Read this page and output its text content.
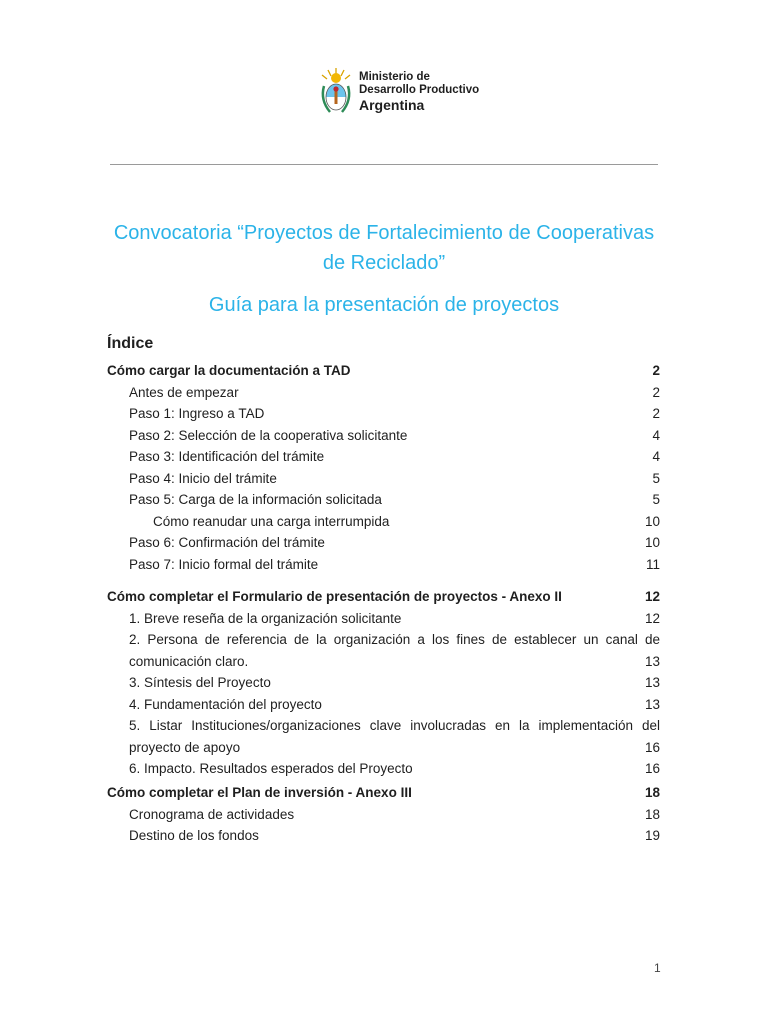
Ministerio de
Desarrollo Productivo
Argentina
Convocatoria “Proyectos de Fortalecimiento de Cooperativas de Reciclado”
Guía para la presentación de proyectos
Índice
Cómo cargar la documentación a TAD	2
Antes de empezar	2
Paso 1: Ingreso a TAD	2
Paso 2: Selección de la cooperativa solicitante	4
Paso 3: Identificación del trámite	4
Paso 4: Inicio del trámite	5
Paso 5: Carga de la información solicitada	5
Cómo reanudar una carga interrumpida	10
Paso 6: Confirmación del trámite	10
Paso 7: Inicio formal del trámite	11
Cómo completar el Formulario de presentación de proyectos - Anexo II	12
1. Breve reseña de la organización solicitante	12
2. Persona de referencia de la organización a los fines de establecer un canal de
comunicación claro.	13
3. Síntesis del Proyecto	13
4. Fundamentación del proyecto	13
5. Listar Instituciones/organizaciones clave involucradas en la implementación del
proyecto de apoyo	16
6. Impacto. Resultados esperados del Proyecto	16
Cómo completar el Plan de inversión - Anexo III	18
Cronograma de actividades	18
Destino de los fondos	19
1
